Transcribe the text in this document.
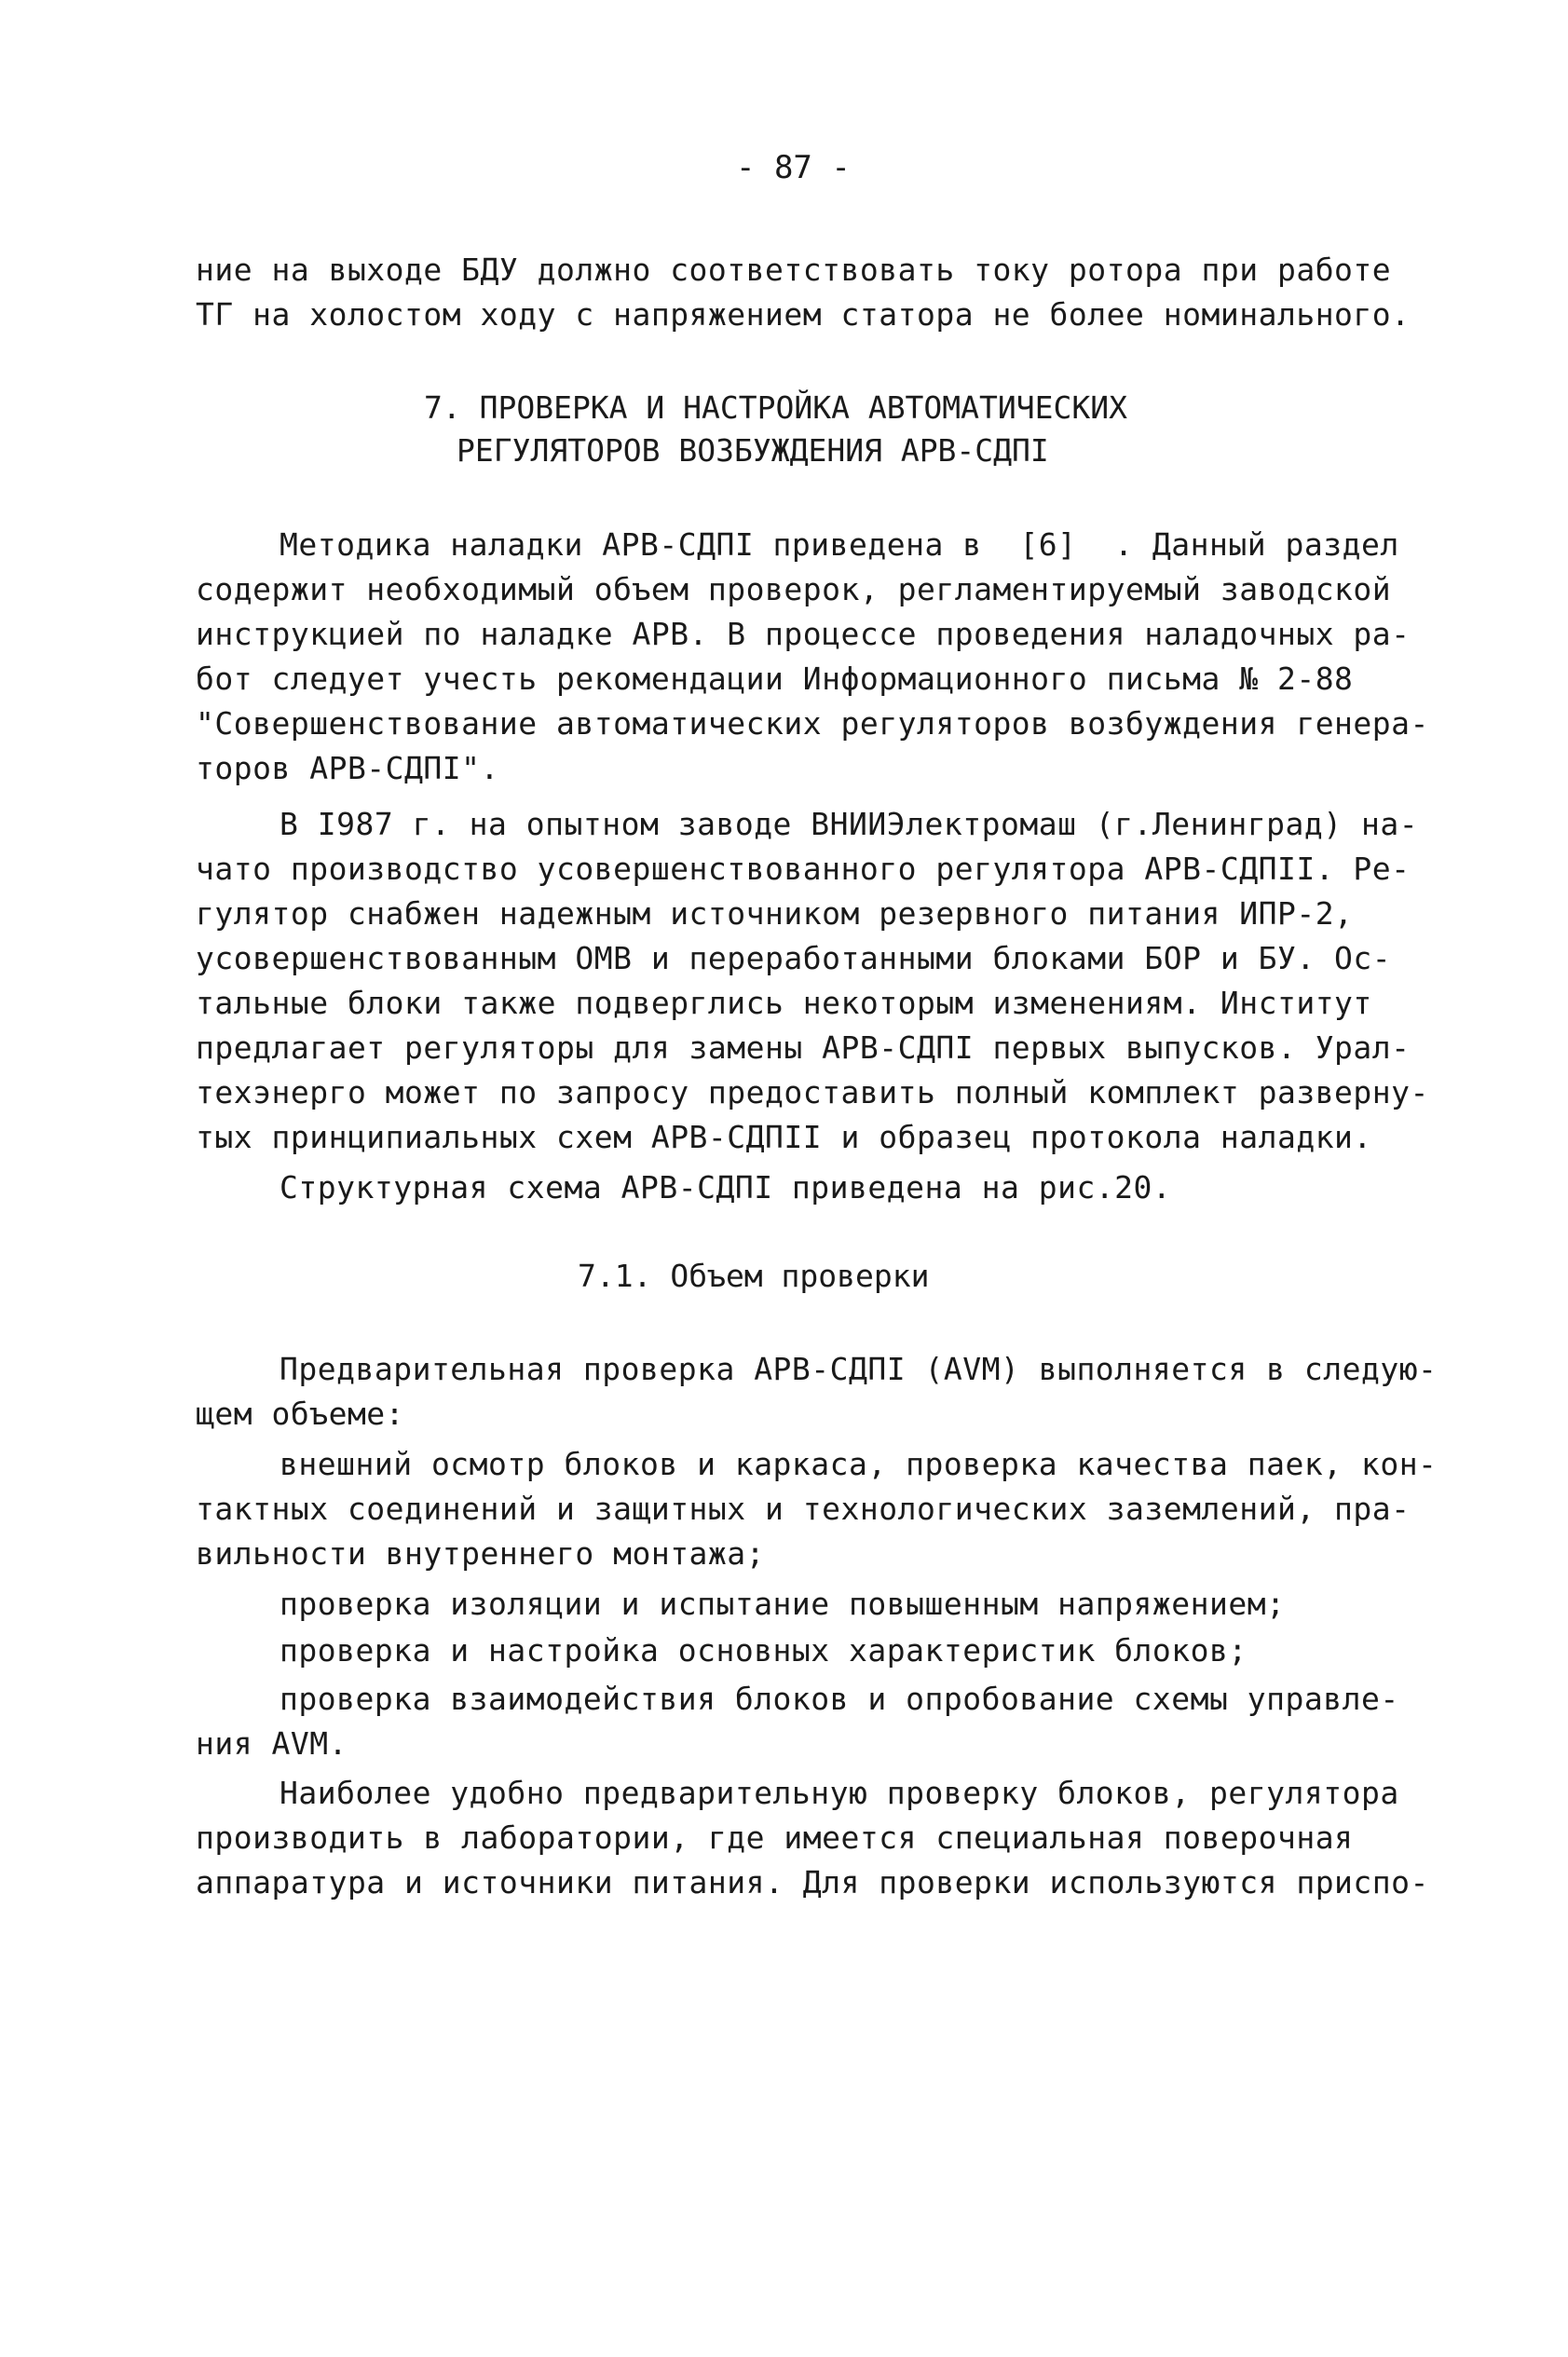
- 87 -
ние на выходе БДУ должно соответствовать току ротора при работе
ТГ на холостом ходу с напряжением статора не более номинального.
7. ПРОВЕРКА И НАСТРОЙКА АВТОМАТИЧЕСКИХ
РЕГУЛЯТОРОВ ВОЗБУЖДЕНИЯ АРВ-СДПI
Методика наладки АРВ-СДПI приведена в  [6]  . Данный раздел
содержит необходимый объем проверок, регламентируемый заводской
инструкцией по наладке АРВ. В процессе проведения наладочных ра-
бот следует учесть рекомендации Информационного письма № 2-88
"Совершенствование автоматических регуляторов возбуждения генера-
торов АРВ-СДПI".
В I987 г. на опытном заводе ВНИИЭлектромаш (г.Ленинград) на-
чато производство усовершенствованного регулятора АРВ-СДПII. Ре-
гулятор снабжен надежным источником резервного питания ИПР-2,
усовершенствованным ОМВ и переработанными блоками БОР и БУ. Ос-
тальные блоки также подверглись некоторым изменениям. Институт
предлагает регуляторы для замены АРВ-СДПI первых выпусков. Урал-
техэнерго может по запросу предоставить полный комплект разверну-
тых принципиальных схем АРВ-СДПII и образец протокола наладки.
Структурная схема АРВ-СДПI приведена на рис.20.
7.1. Объем проверки
Предварительная проверка АРВ-СДПI (AVM) выполняется в следую-
щем объеме:
внешний осмотр блоков и каркаса, проверка качества паек, кон-
тактных соединений и защитных и технологических заземлений, пра-
вильности внутреннего монтажа;
проверка изоляции и испытание повышенным напряжением;
проверка и настройка основных характеристик блоков;
проверка взаимодействия блоков и опробование схемы управле-
ния AVM.
Наиболее удобно предварительную проверку блоков, регулятора
производить в лаборатории, где имеется специальная поверочная
аппаратура и источники питания. Для проверки используются приспо-
